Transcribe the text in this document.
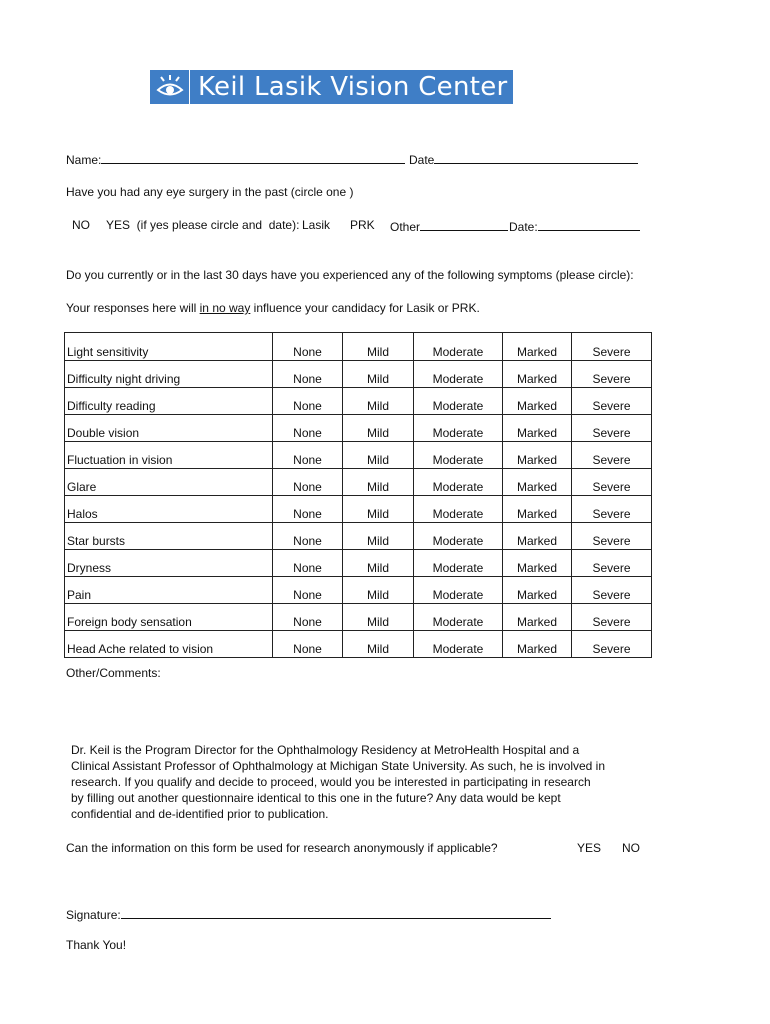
Keil Lasik Vision Center
Name:	Date
Have you had any eye surgery in the past (circle one )
NO YES  (if yes please circle and  date): Lasik PRK Other	Date:
Do you currently or in the last 30 days have you experienced any of the following symptoms (please circle):
Your responses here will in no way influence your candidacy for Lasik or PRK.
Light sensitivity	None	Mild	Moderate	Marked	Severe
Difficulty night driving	None	Mild	Moderate	Marked	Severe
Difficulty reading	None	Mild	Moderate	Marked	Severe
Double vision	None	Mild	Moderate	Marked	Severe
Fluctuation in vision	None	Mild	Moderate	Marked	Severe
Glare	None	Mild	Moderate	Marked	Severe
Halos	None	Mild	Moderate	Marked	Severe
Star bursts	None	Mild	Moderate	Marked	Severe
Dryness	None	Mild	Moderate	Marked	Severe
Pain	None	Mild	Moderate	Marked	Severe
Foreign body sensation	None	Mild	Moderate	Marked	Severe
Head Ache related to vision	None	Mild	Moderate	Marked	Severe
Other/Comments:
Dr. Keil is the Program Director for the Ophthalmology Residency at MetroHealth Hospital and a
Clinical Assistant Professor of Ophthalmology at Michigan State University. As such, he is involved in
research. If you qualify and decide to proceed, would you be interested in participating in research
by filling out another questionnaire identical to this one in the future? Any data would be kept
confidential and de-identified prior to publication.
Can the information on this form be used for research anonymously if applicable?	YES NO
Signature:
Thank You!
